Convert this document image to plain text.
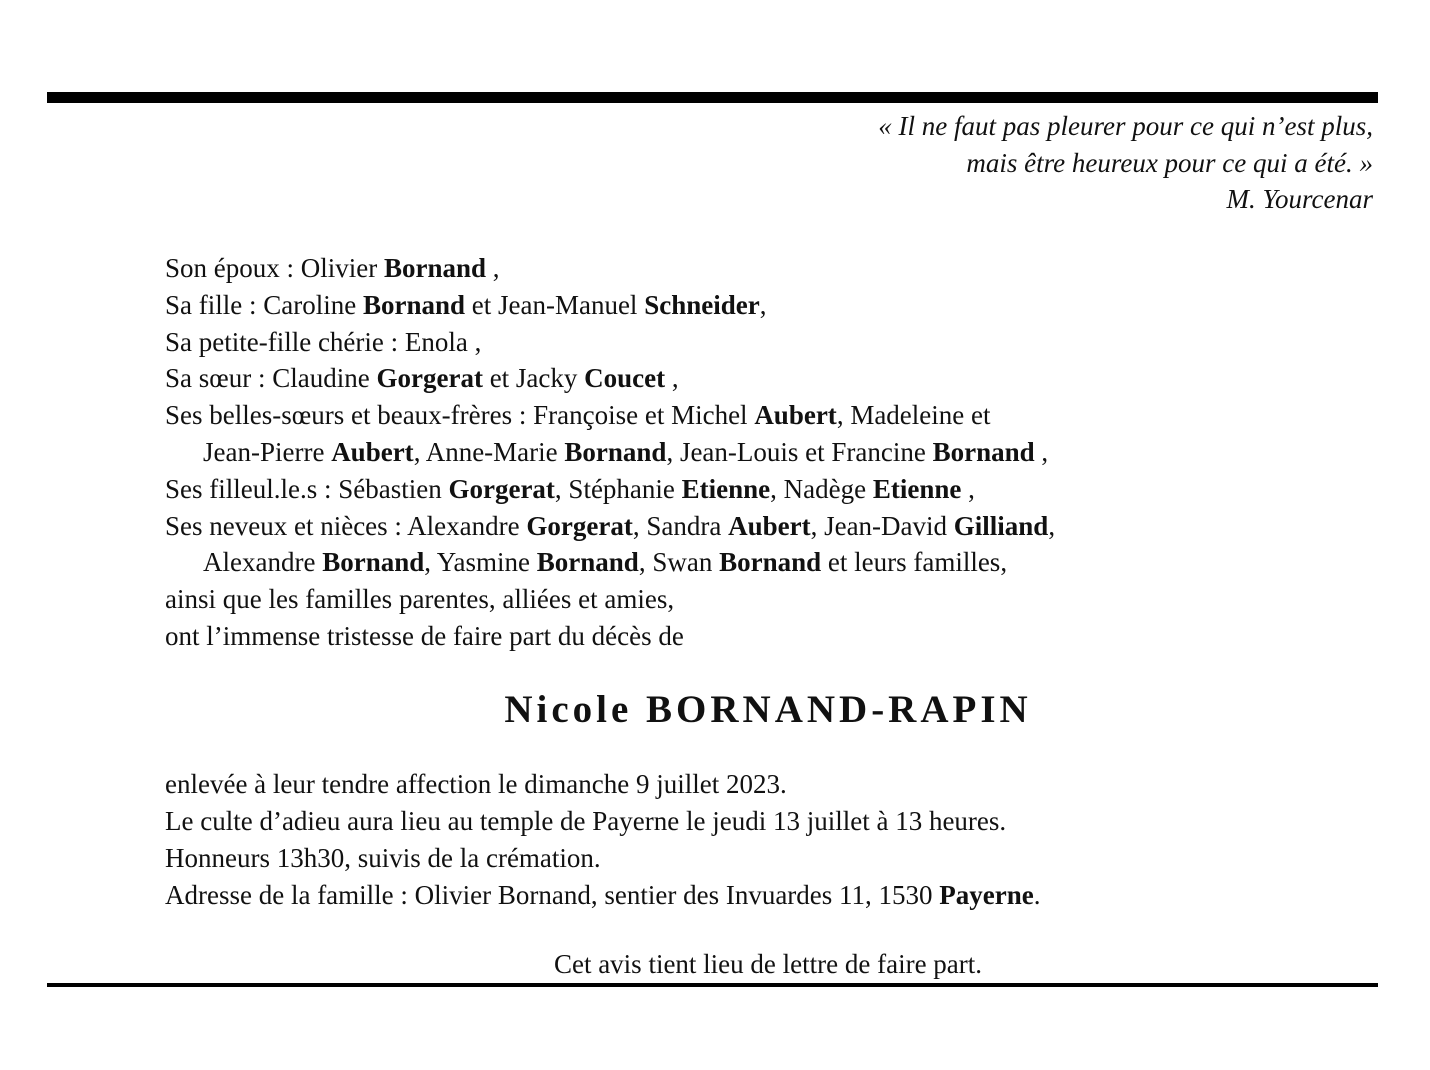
« Il ne faut pas pleurer pour ce qui n’est plus,
mais être heureux pour ce qui a été. »
M. Yourcenar
Son époux : Olivier Bornand ,
Sa fille : Caroline Bornand et Jean-Manuel Schneider,
Sa petite-fille chérie : Enola ,
Sa sœur : Claudine Gorgerat et Jacky Coucet ,
Ses belles-sœurs et beaux-frères : Françoise et Michel Aubert, Madeleine et
Jean-Pierre Aubert, Anne-Marie Bornand, Jean-Louis et Francine Bornand ,
Ses filleul.le.s : Sébastien Gorgerat, Stéphanie Etienne, Nadège Etienne ,
Ses neveux et nièces : Alexandre Gorgerat, Sandra Aubert, Jean-David Gilliand,
Alexandre Bornand, Yasmine Bornand, Swan Bornand et leurs familles,
ainsi que les familles parentes, alliées et amies,
ont l’immense tristesse de faire part du décès de
Nicole BORNAND-RAPIN
enlevée à leur tendre affection le dimanche 9 juillet 2023.
Le culte d’adieu aura lieu au temple de Payerne le jeudi 13 juillet à 13 heures.
Honneurs 13h30, suivis de la crémation.
Adresse de la famille : Olivier Bornand, sentier des Invuardes 11, 1530 Payerne.
Cet avis tient lieu de lettre de faire part.
